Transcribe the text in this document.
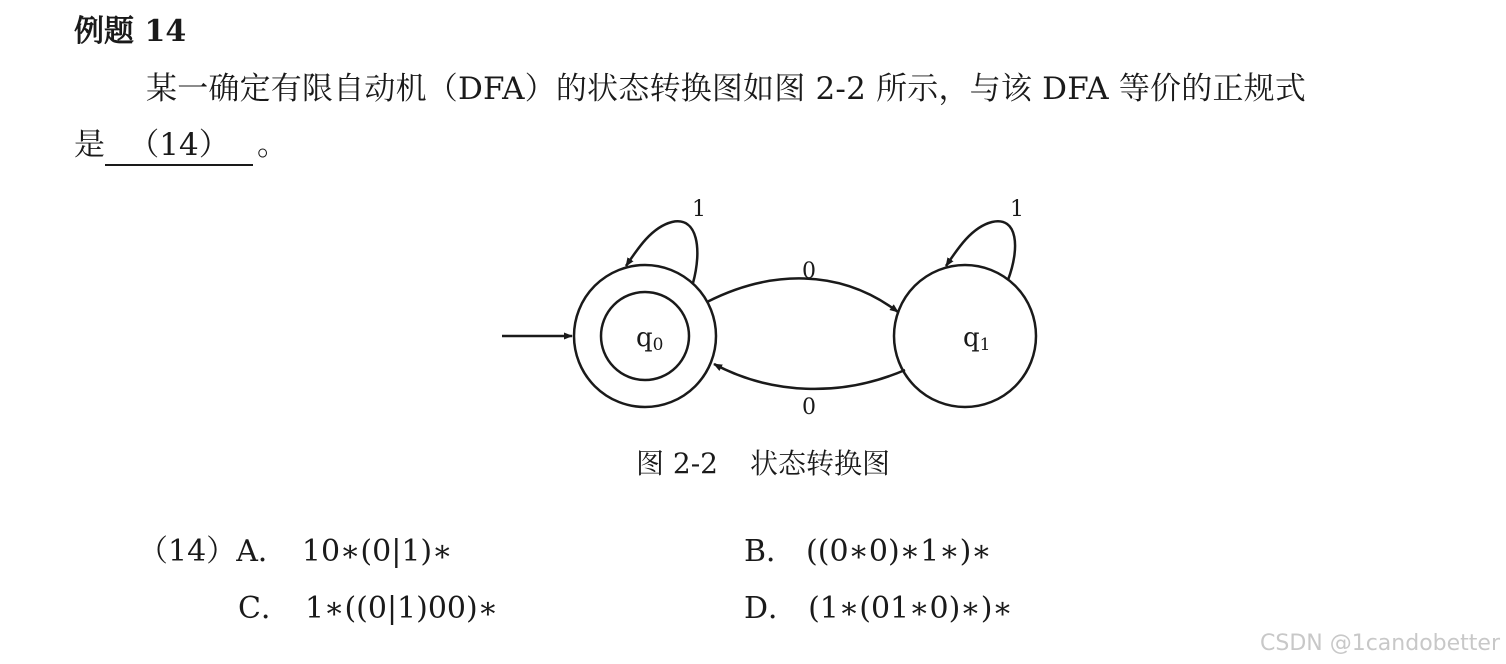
例题 14
某一确定有限自动机（DFA）的状态转换图如图 2-2 所示，与该 DFA 等价的正规式
是 （14） 。
q0	q1
1	1
0
0
图 2-2 状态转换图
（14）A． 10∗(0|1)∗	B． ((0∗0)∗1∗)∗
C． 1∗((0|1)00)∗	D． (1∗(01∗0)∗)∗
CSDN @1candobetter
